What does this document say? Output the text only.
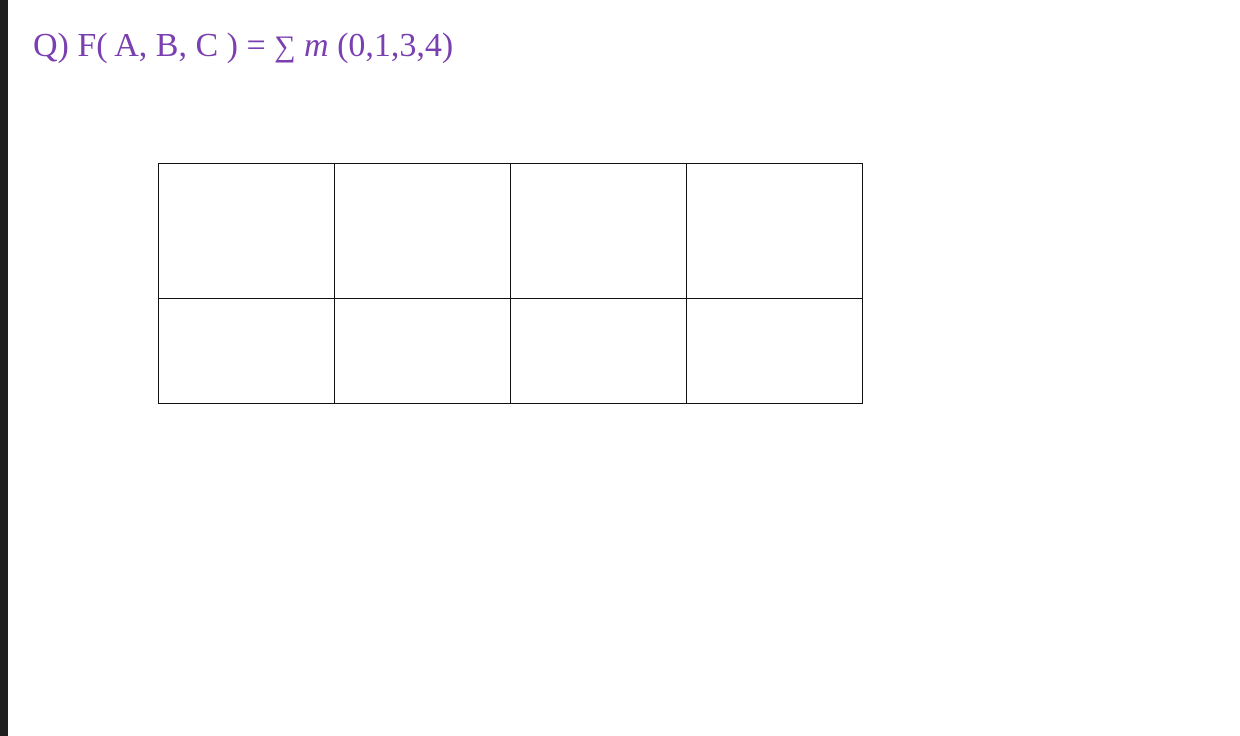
Q) F( A, B, C ) = ∑ m (0,1,3,4)
